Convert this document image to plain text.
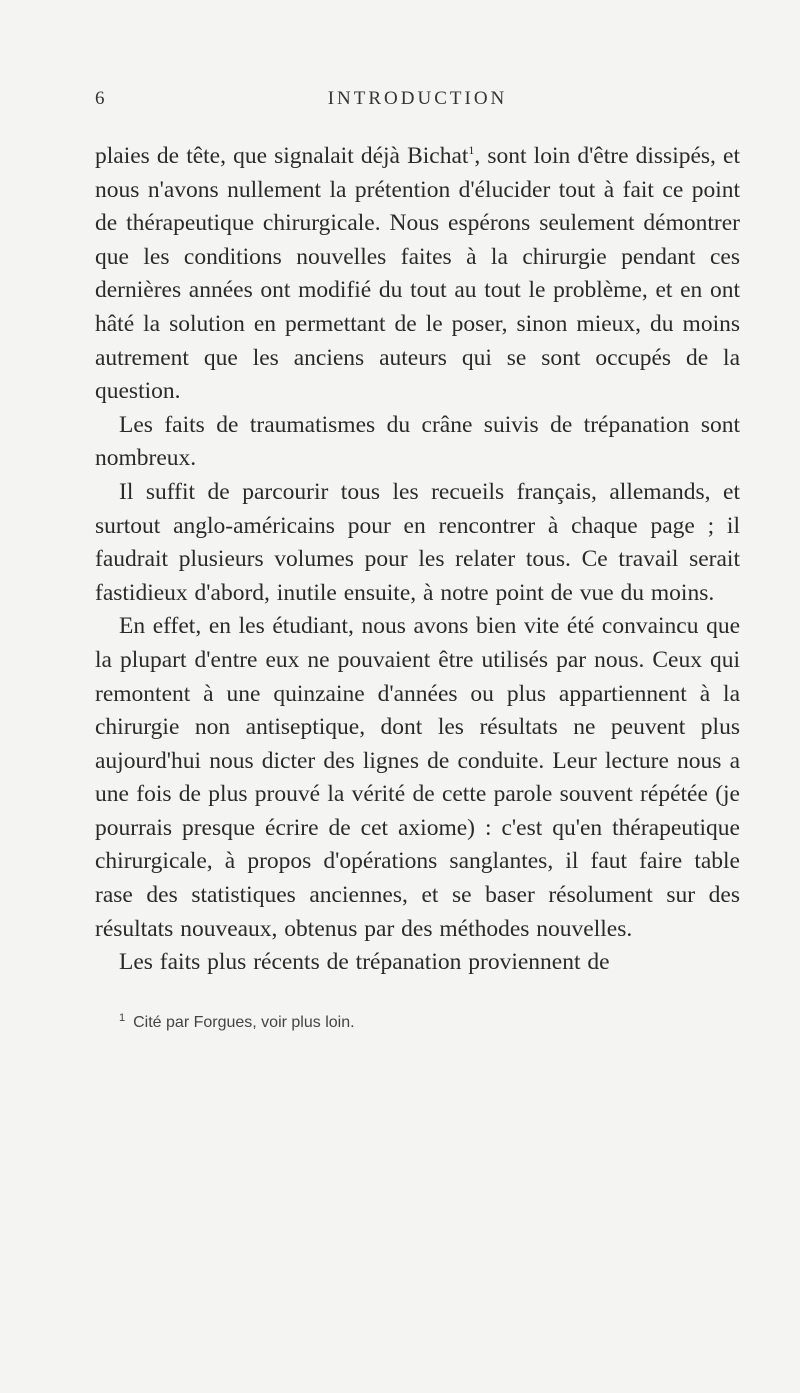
6	INTRODUCTION

plaies de tête, que signalait déjà Bichat$^1$, sont loin d'être dissipés, et nous n'avons nullement la prétention d'élucider tout à fait ce point de thérapeutique chirurgicale. Nous espérons seulement démontrer que les conditions nouvelles faites à la chirurgie pendant ces dernières années ont modifié du tout au tout le problème, et en ont hâté la solution en permettant de le poser, sinon mieux, du moins autrement que les anciens auteurs qui se sont occupés de la question.

Les faits de traumatismes du crâne suivis de trépanation sont nombreux.

Il suffit de parcourir tous les recueils français, allemands, et surtout anglo-américains pour en rencontrer à chaque page ; il faudrait plusieurs volumes pour les relater tous. Ce travail serait fastidieux d'abord, inutile ensuite, à notre point de vue du moins.

En effet, en les étudiant, nous avons bien vite été convaincu que la plupart d'entre eux ne pouvaient être utilisés par nous. Ceux qui remontent à une quinzaine d'années ou plus appartiennent à la chirurgie non antiseptique, dont les résultats ne peuvent plus aujourd'hui nous dicter des lignes de conduite. Leur lecture nous a une fois de plus prouvé la vérité de cette parole souvent répétée (je pourrais presque écrire de cet axiome) : c'est qu'en thérapeutique chirurgicale, à propos d'opérations sanglantes, il faut faire table rase des statistiques anciennes, et se baser résolument sur des résultats nouveaux, obtenus par des méthodes nouvelles.

Les faits plus récents de trépanation proviennent de

$^1$ Cité par Forgues, voir plus loin.
